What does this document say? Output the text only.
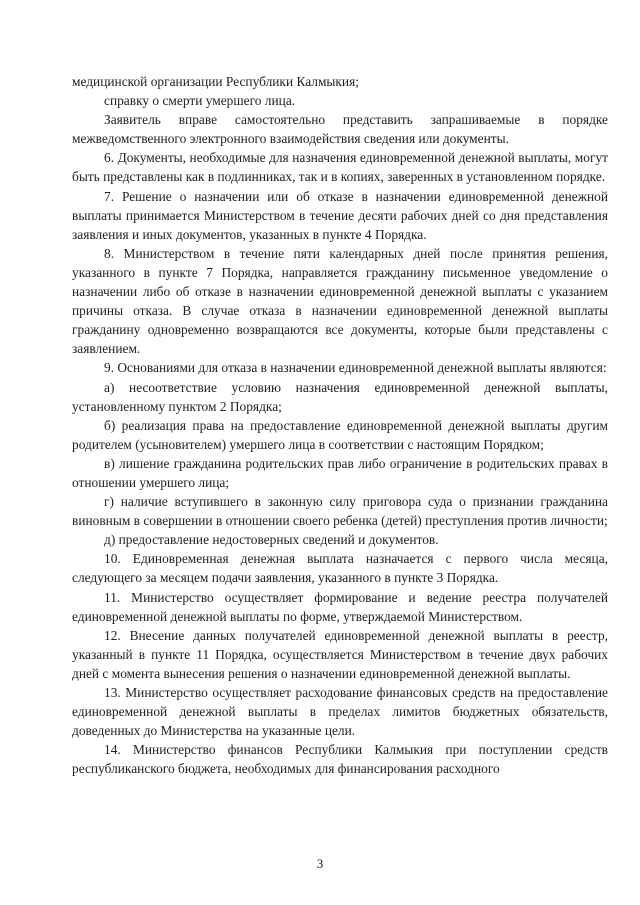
медицинской организации Республики Калмыкия;

справку о смерти умершего лица.

Заявитель вправе самостоятельно представить запрашиваемые в порядке межведомственного электронного взаимодействия сведения или документы.

6. Документы, необходимые для назначения единовременной денежной выплаты, могут быть представлены как в подлинниках, так и в копиях, заверенных в установленном порядке.

7. Решение о назначении или об отказе в назначении единовременной денежной выплаты принимается Министерством в течение десяти рабочих дней со дня представления заявления и иных документов, указанных в пункте 4 Порядка.

8. Министерством в течение пяти календарных дней после принятия решения, указанного в пункте 7 Порядка, направляется гражданину письменное уведомление о назначении либо об отказе в назначении единовременной денежной выплаты с указанием причины отказа. В случае отказа в назначении единовременной денежной выплаты гражданину одновременно возвращаются все документы, которые были представлены с заявлением.

9. Основаниями для отказа в назначении единовременной денежной выплаты являются:

а) несоответствие условию назначения единовременной денежной выплаты, установленному пунктом 2 Порядка;

б) реализация права на предоставление единовременной денежной выплаты другим родителем (усыновителем) умершего лица в соответствии с настоящим Порядком;

в) лишение гражданина родительских прав либо ограничение в родительских правах в отношении умершего лица;

г) наличие вступившего в законную силу приговора суда о признании гражданина виновным в совершении в отношении своего ребенка (детей) преступления против личности;

д) предоставление недостоверных сведений и документов.

10. Единовременная денежная выплата назначается с первого числа месяца, следующего за месяцем подачи заявления, указанного в пункте 3 Порядка.

11. Министерство осуществляет формирование и ведение реестра получателей единовременной денежной выплаты по форме, утверждаемой Министерством.

12. Внесение данных получателей единовременной денежной выплаты в реестр, указанный в пункте 11 Порядка, осуществляется Министерством в течение двух рабочих дней с момента вынесения решения о назначении единовременной денежной выплаты.

13. Министерство осуществляет расходование финансовых средств на предоставление единовременной денежной выплаты в пределах лимитов бюджетных обязательств, доведенных до Министерства на указанные цели.

14. Министерство финансов Республики Калмыкия при поступлении средств республиканского бюджета, необходимых для финансирования расходного

3
